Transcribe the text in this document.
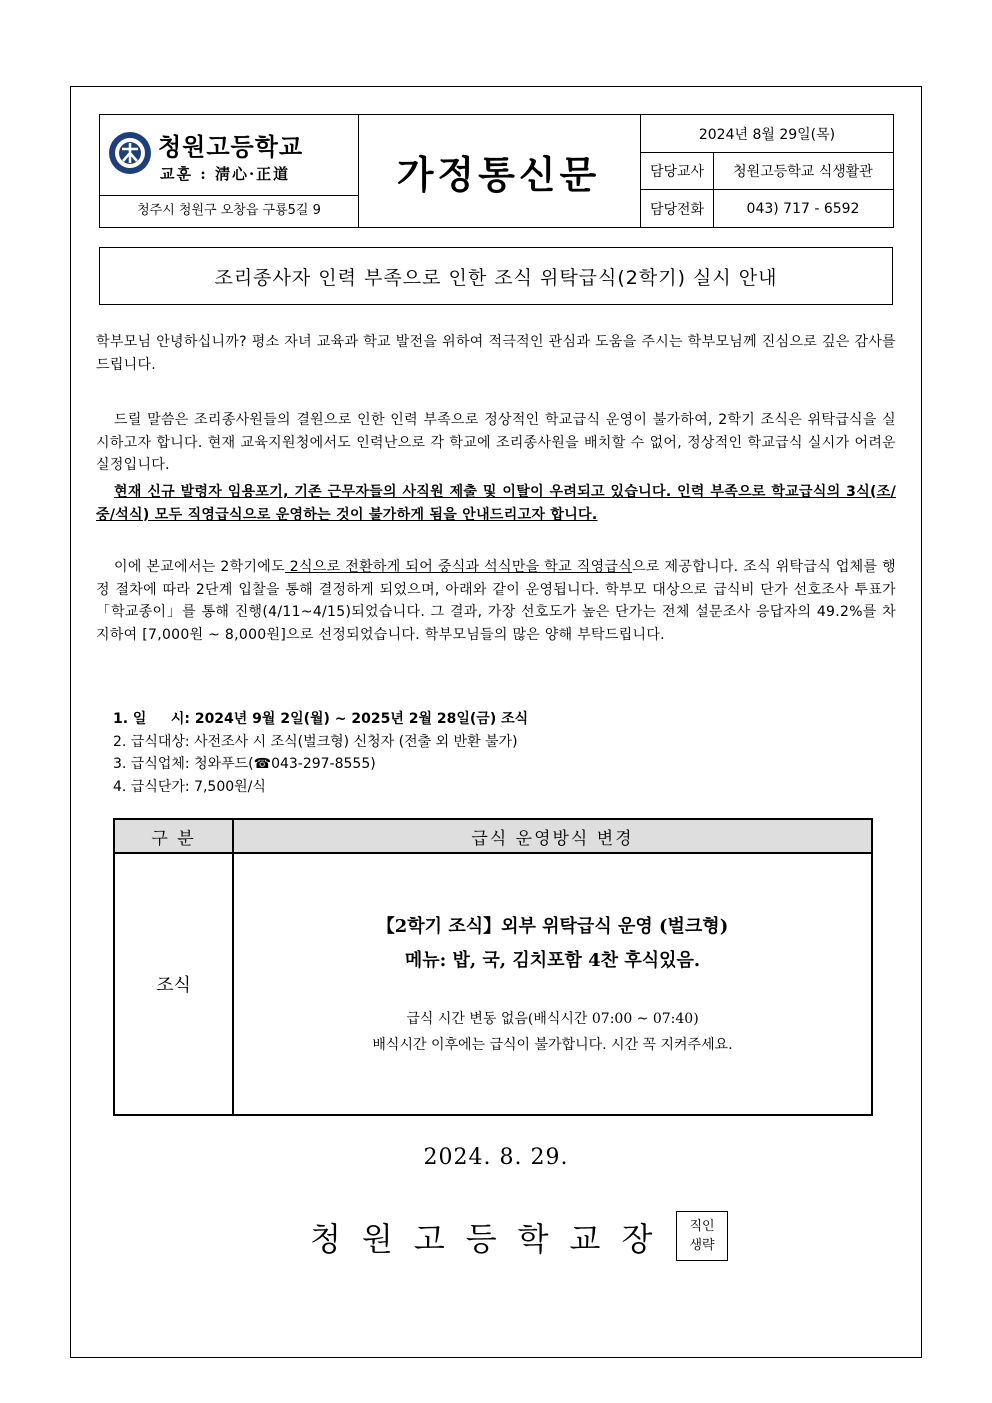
청원고등학교
교훈 : 淸心·正道
청주시 청원구 오창읍 구룡5길 9
가정통신문
2024년 8월 29일(목)
담당교사	청원고등학교 식생활관
담당전화	043) 717 - 6592
조리종사자 인력 부족으로 인한 조식 위탁급식(2학기) 실시 안내
학부모님 안녕하십니까? 평소 자녀 교육과 학교 발전을 위하여 적극적인 관심과 도움을 주시는 학부모님께 진심으로 깊은 감사를 드립니다.
드릴 말씀은 조리종사원들의 결원으로 인한 인력 부족으로 정상적인 학교급식 운영이 불가하여, 2학기 조식은 위탁급식을 실시하고자 합니다. 현재 교육지원청에서도 인력난으로 각 학교에 조리종사원을 배치할 수 없어, 정상적인 학교급식 실시가 어려운 실정입니다.
현재 신규 발령자 임용포기, 기존 근무자들의 사직원 제출 및 이탈이 우려되고 있습니다. 인력 부족으로 학교급식의 3식(조/중/석식) 모두 직영급식으로 운영하는 것이 불가하게 됨을 안내드리고자 합니다.
이에 본교에서는 2학기에도 2식으로 전환하게 되어 중식과 석식만을 학교 직영급식으로 제공합니다. 조식 위탁급식 업체를 행정 절차에 따라 2단계 입찰을 통해 결정하게 되었으며, 아래와 같이 운영됩니다. 학부모 대상으로 급식비 단가 선호조사 투표가 「학교종이」를 통해 진행(4/11~4/15)되었습니다. 그 결과, 가장 선호도가 높은 단가는 전체 설문조사 응답자의 49.2%를 차지하여 [7,000원 ~ 8,000원]으로 선정되었습니다. 학부모님들의 많은 양해 부탁드립니다.
1. 일     시: 2024년 9월 2일(월) ~ 2025년 2월 28일(금) 조식
2. 급식대상: 사전조사 시 조식(벌크형) 신청자 (전출 외 반환 불가)
3. 급식업체: 청와푸드(☎043-297-8555)
4. 급식단가: 7,500원/식
구 분	급식 운영방식 변경
조식	【2학기 조식】외부 위탁급식 운영 (벌크형)
메뉴: 밥, 국, 김치포함 4찬 후식있음.
급식 시간 변동 없음(배식시간 07:00 ~ 07:40)
배식시간 이후에는 급식이 불가합니다. 시간 꼭 지켜주세요.
2024. 8. 29.
청원고등학교장	직인
생략
